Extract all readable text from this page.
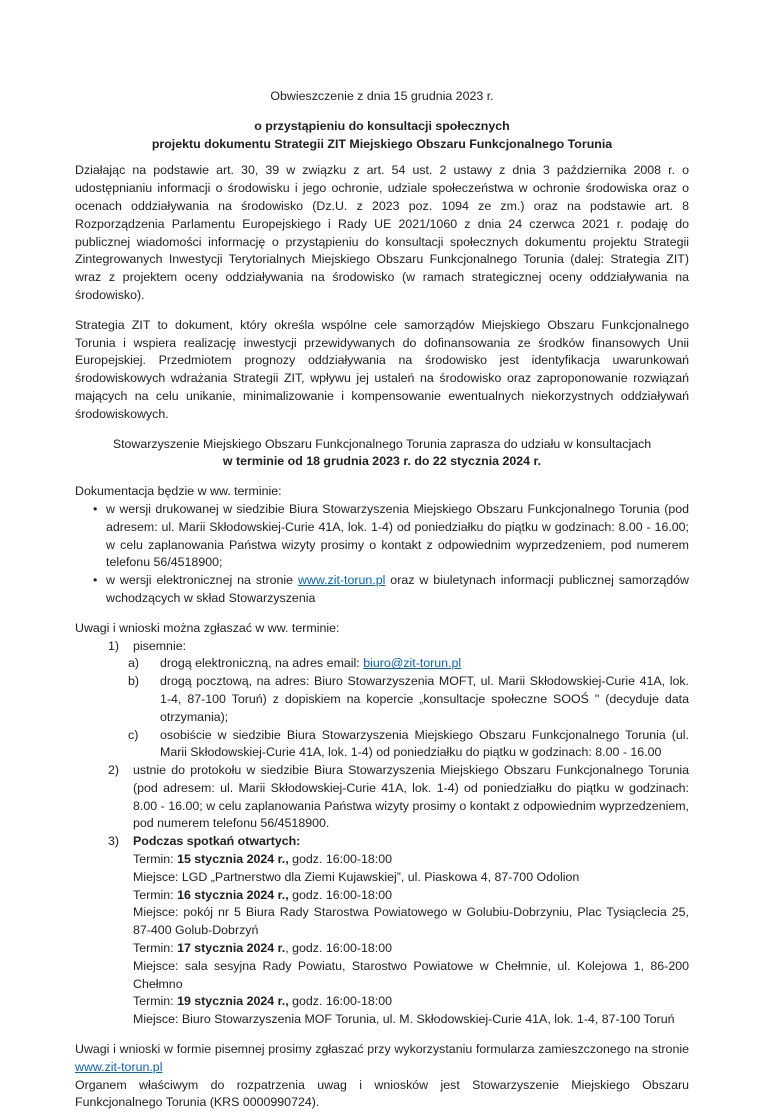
Obwieszczenie z dnia 15 grudnia 2023 r.
o przystąpieniu do konsultacji społecznych
projektu dokumentu Strategii ZIT Miejskiego Obszaru Funkcjonalnego Torunia
Działając na podstawie art. 30, 39 w związku z art. 54 ust. 2 ustawy z dnia 3 października 2008 r. o udostępnianiu informacji o środowisku i jego ochronie, udziale społeczeństwa w ochronie środowiska oraz o ocenach oddziaływania na środowisko (Dz.U. z 2023 poz. 1094 ze zm.) oraz na podstawie art. 8 Rozporządzenia Parlamentu Europejskiego i Rady UE 2021/1060 z dnia 24 czerwca 2021 r. podaję do publicznej wiadomości informację o przystąpieniu do konsultacji społecznych dokumentu projektu Strategii Zintegrowanych Inwestycji Terytorialnych Miejskiego Obszaru Funkcjonalnego Torunia (dalej: Strategia ZIT) wraz z projektem oceny oddziaływania na środowisko (w ramach strategicznej oceny oddziaływania na środowisko).
Strategia ZIT to dokument, który określa wspólne cele samorządów Miejskiego Obszaru Funkcjonalnego Torunia i wspiera realizację inwestycji przewidywanych do dofinansowania ze środków finansowych Unii Europejskiej. Przedmiotem prognozy oddziaływania na środowisko jest identyfikacja uwarunkowań środowiskowych wdrażania Strategii ZIT, wpływu jej ustaleń na środowisko oraz zaproponowanie rozwiązań mających na celu unikanie, minimalizowanie i kompensowanie ewentualnych niekorzystnych oddziaływań środowiskowych.
Stowarzyszenie Miejskiego Obszaru Funkcjonalnego Torunia zaprasza do udziału w konsultacjach
w terminie od 18 grudnia 2023 r. do 22 stycznia 2024 r.
Dokumentacja będzie w ww. terminie:
• w wersji drukowanej w siedzibie Biura Stowarzyszenia Miejskiego Obszaru Funkcjonalnego Torunia (pod adresem: ul. Marii Skłodowskiej-Curie 41A, lok. 1-4) od poniedziałku do piątku w godzinach: 8.00 - 16.00; w celu zaplanowania Państwa wizyty prosimy o kontakt z odpowiednim wyprzedzeniem, pod numerem telefonu 56/4518900;
• w wersji elektronicznej na stronie www.zit-torun.pl oraz w biuletynach informacji publicznej samorządów wchodzących w skład Stowarzyszenia
Uwagi i wnioski można zgłaszać w ww. terminie:
1)	pisemnie:
a)	drogą elektroniczną, na adres email: biuro@zit-torun.pl
b)	drogą pocztową, na adres: Biuro Stowarzyszenia MOFT, ul. Marii Skłodowskiej-Curie 41A, lok. 1-4, 87-100 Toruń) z dopiskiem na kopercie „konsultacje społeczne SOOŚ " (decyduje data otrzymania);
c)	osobiście w siedzibie Biura Stowarzyszenia Miejskiego Obszaru Funkcjonalnego Torunia (ul. Marii Skłodowskiej-Curie 41A, lok. 1-4) od poniedziałku do piątku w godzinach: 8.00 - 16.00
2)	ustnie do protokołu w siedzibie Biura Stowarzyszenia Miejskiego Obszaru Funkcjonalnego Torunia (pod adresem: ul. Marii Skłodowskiej-Curie 41A, lok. 1-4) od poniedziałku do piątku w godzinach: 8.00 - 16.00; w celu zaplanowania Państwa wizyty prosimy o kontakt z odpowiednim wyprzedzeniem, pod numerem telefonu 56/4518900.
3)	Podczas spotkań otwartych:
Termin: 15 stycznia 2024 r., godz. 16:00-18:00
Miejsce: LGD „Partnerstwo dla Ziemi Kujawskiej”, ul. Piaskowa 4, 87-700 Odolion
Termin: 16 stycznia 2024 r., godz. 16:00-18:00
Miejsce: pokój nr 5 Biura Rady Starostwa Powiatowego w Golubiu-Dobrzyniu, Plac Tysiąclecia 25, 87-400 Golub-Dobrzyń
Termin: 17 stycznia 2024 r., godz. 16:00-18:00
Miejsce: sala sesyjna Rady Powiatu, Starostwo Powiatowe w Chełmnie, ul. Kolejowa 1, 86-200 Chełmno
Termin: 19 stycznia 2024 r., godz. 16:00-18:00
Miejsce: Biuro Stowarzyszenia MOF Torunia, ul. M. Skłodowskiej-Curie 41A, lok. 1-4, 87-100 Toruń
Uwagi i wnioski w formie pisemnej prosimy zgłaszać przy wykorzystaniu formularza zamieszczonego na stronie
www.zit-torun.pl
Organem właściwym do rozpatrzenia uwag i wniosków jest Stowarzyszenie Miejskiego Obszaru Funkcjonalnego Torunia (KRS 0000990724).
